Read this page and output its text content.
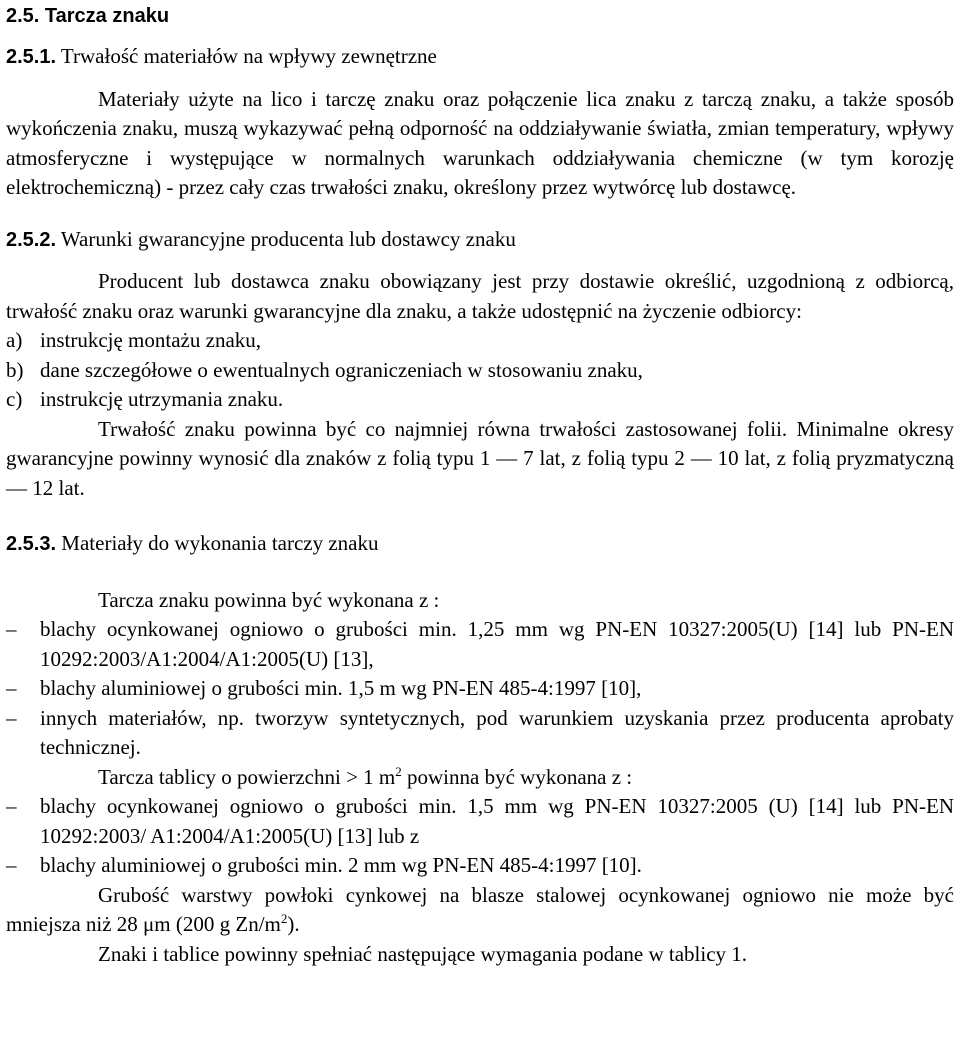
2.5. Tarcza znaku
2.5.1. Trwałość materiałów na wpływy zewnętrzne
Materiały użyte na lico i tarczę znaku oraz połączenie lica znaku z tarczą znaku, a także sposób wykończenia znaku, muszą wykazywać pełną odporność na oddziaływanie światła, zmian temperatury, wpływy atmosferyczne i występujące w normalnych warunkach oddziaływania chemiczne (w tym korozję elektrochemiczną) - przez cały czas trwałości znaku, określony przez wytwórcę lub dostawcę.
2.5.2. Warunki gwarancyjne producenta lub dostawcy znaku
Producent lub dostawca znaku obowiązany jest przy dostawie określić, uzgodnioną z odbiorcą, trwałość znaku oraz warunki gwarancyjne dla znaku, a także udostępnić na życzenie odbiorcy:
a) instrukcję montażu znaku,
b) dane szczegółowe o ewentualnych ograniczeniach w stosowaniu znaku,
c) instrukcję utrzymania znaku.
Trwałość znaku powinna być co najmniej równa trwałości zastosowanej folii. Minimalne okresy gwarancyjne powinny wynosić dla znaków z folią typu 1 — 7 lat, z folią typu 2 — 10 lat, z folią pryzmatyczną — 12 lat.
2.5.3. Materiały do wykonania tarczy znaku
Tarcza znaku powinna być wykonana z :
–	blachy ocynkowanej ogniowo o grubości min. 1,25 mm wg PN-EN 10327:2005(U) [14] lub PN-EN 10292:2003/A1:2004/A1:2005(U) [13],
–	blachy aluminiowej o grubości min. 1,5 m wg PN-EN 485-4:1997 [10],
–	innych materiałów, np. tworzyw syntetycznych, pod warunkiem uzyskania przez producenta aprobaty technicznej.
Tarcza tablicy o powierzchni > 1 $m^2$ powinna być wykonana z :
–	blachy ocynkowanej ogniowo o grubości min. 1,5 mm wg PN-EN 10327:2005 (U) [14] lub PN-EN 10292:2003/ A1:2004/A1:2005(U) [13] lub z
–	blachy aluminiowej o grubości min. 2 mm wg PN-EN 485-4:1997 [10].
Grubość warstwy powłoki cynkowej na blasze stalowej ocynkowanej ogniowo nie może być mniejsza niż 28 μm (200 g $Zn/m^2$).
Znaki i tablice powinny spełniać następujące wymagania podane w tablicy 1.
